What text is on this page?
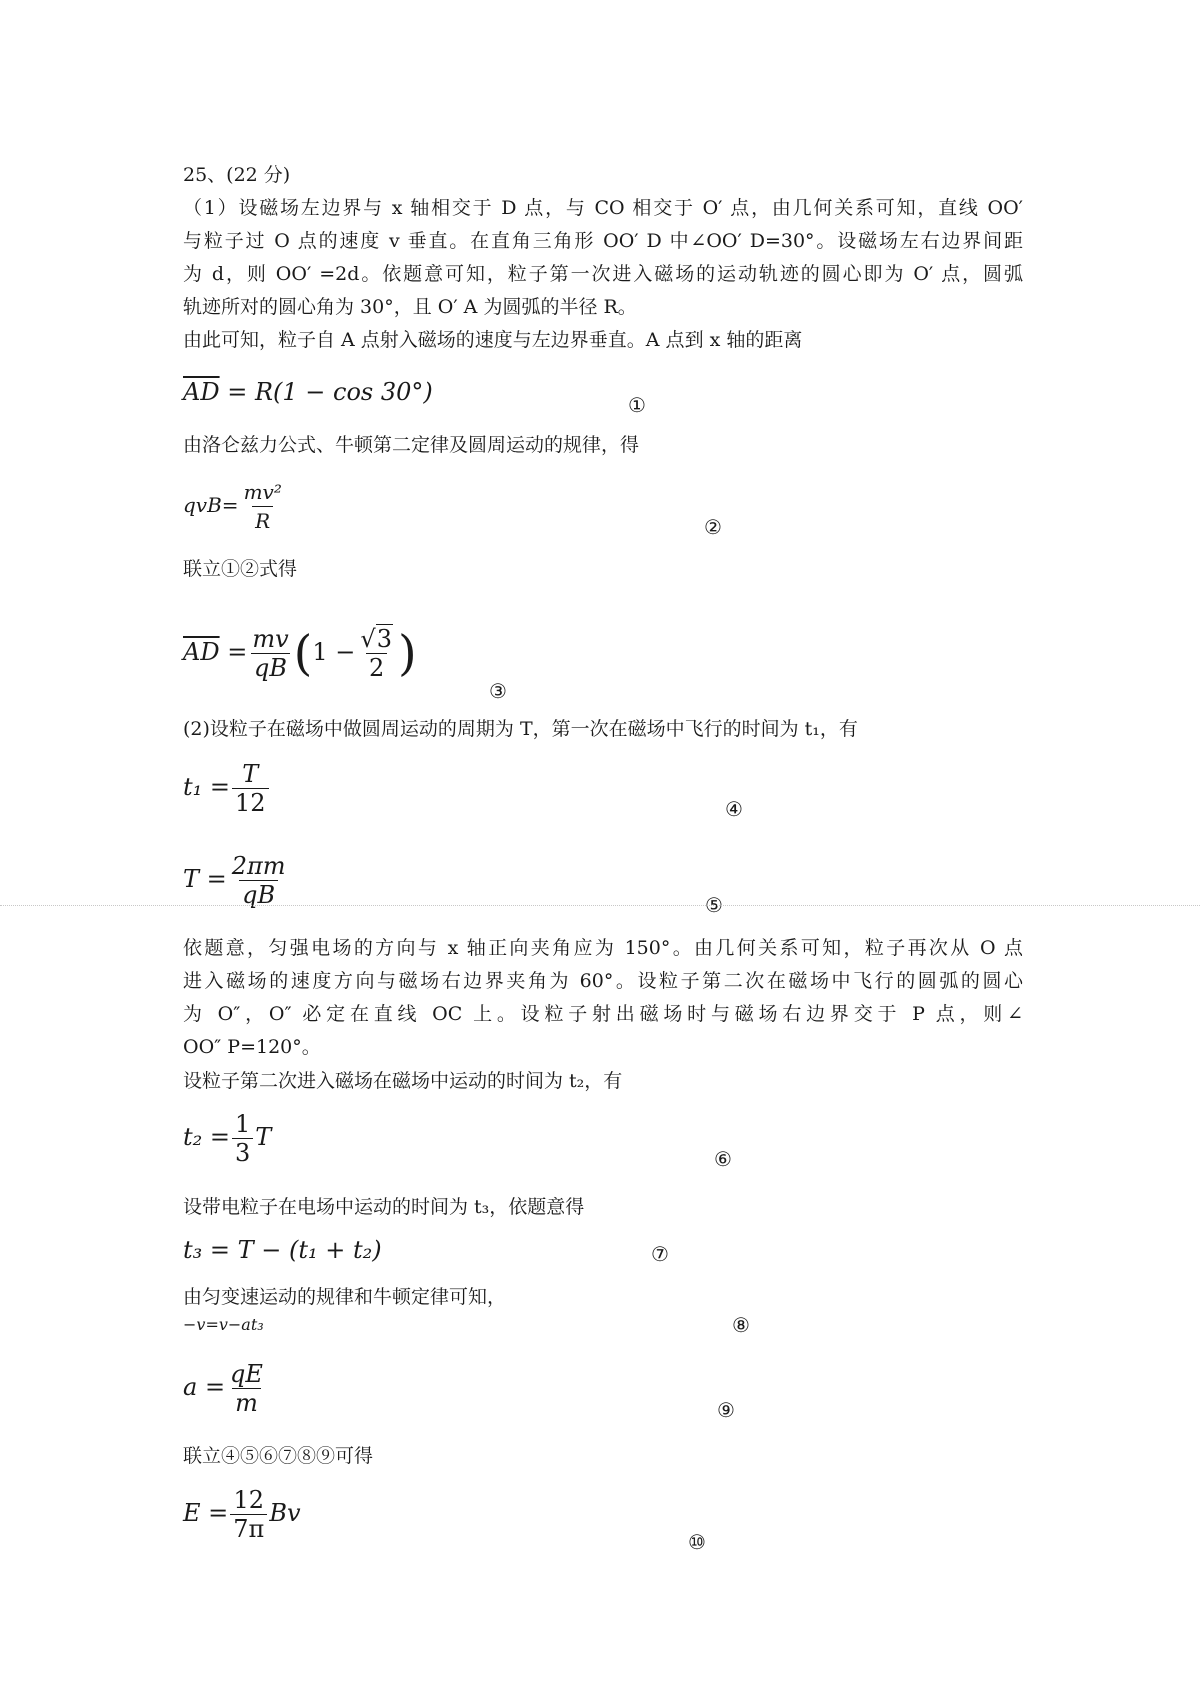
25、(22 分)
（1）设磁场左边界与 x 轴相交于 D 点，与 CO 相交于 O′ 点，由几何关系可知，直线 OO′
与粒子过 O 点的速度 v 垂直。在直角三角形 OO′ D 中∠OO′ D=30°。设磁场左右边界间距
为 d，则 OO′ =2d。依题意可知，粒子第一次进入磁场的运动轨迹的圆心即为 O′ 点，圆弧
轨迹所对的圆心角为 30°，且 O′ A 为圆弧的半径 R。
由此可知，粒子自 A 点射入磁场的速度与左边界垂直。A 点到 x 轴的距离
$\overline{AD} = R(1 - \cos 30^\circ)$	①
由洛仑兹力公式、牛顿第二定律及圆周运动的规律，得
$qvB= \frac{\text{mv²}}{R}$	②
联立①②式得
$\overline{AD} = \frac{mv}{qB} (1 - \frac{√3}{2}$ )
③
(2)设粒子在磁场中做圆周运动的周期为 T，第一次在磁场中飞行的时间为 t₁，有
$t_1 = \frac{T}{12}$	④
$T = \frac{2\pi m}{qB}$	⑤
依题意，匀强电场的方向与 x 轴正向夹角应为 150°。由几何关系可知，粒子再次从 O 点
进入磁场的速度方向与磁场右边界夹角为 60°。设粒子第二次在磁场中飞行的圆弧的圆心
为 O″，O″ 必定在直线 OC 上。设粒子射出磁场时与磁场右边界交于 P 点，则∠
OO″ P=120°。
设粒子第二次进入磁场在磁场中运动的时间为 t₂，有
$t_2 = \frac{1}{3}$ T
⑥
设带电粒子在电场中运动的时间为 t₃，依题意得
t₃ = T − (t₁ + t₂)	⑦
由匀变速运动的规律和牛顿定律可知，
−v=v−at₃	⑧
$a = \frac{qE}{m}$	⑨
联立④⑤⑥⑦⑧⑨可得
$E = \frac{12}{7\pi}$ Bv
⑩
